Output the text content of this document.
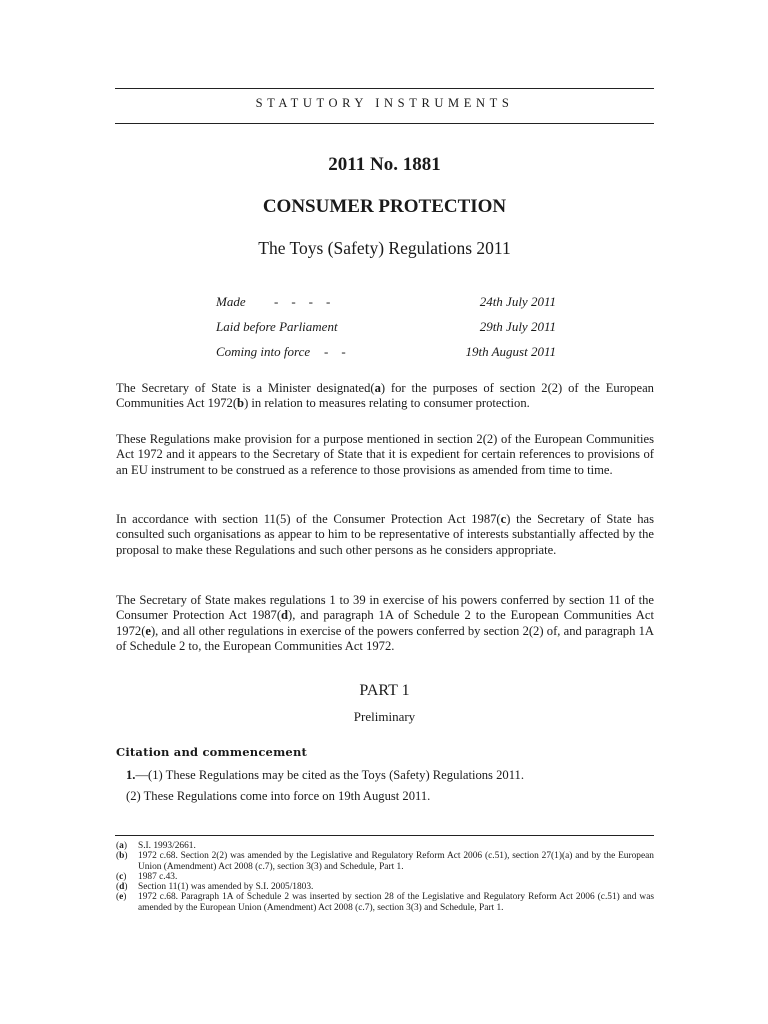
STATUTORY INSTRUMENTS
2011 No. 1881
CONSUMER PROTECTION
The Toys (Safety) Regulations 2011
Made -    -    -    -	24th July 2011
Laid before Parliament	29th July 2011
Coming into force -    -	19th August 2011

The Secretary of State is a Minister designated(a) for the purposes of section 2(2) of the European Communities Act 1972(b) in relation to measures relating to consumer protection.

These Regulations make provision for a purpose mentioned in section 2(2) of the European Communities Act 1972 and it appears to the Secretary of State that it is expedient for certain references to provisions of an EU instrument to be construed as a reference to those provisions as amended from time to time.

In accordance with section 11(5) of the Consumer Protection Act 1987(c) the Secretary of State has consulted such organisations as appear to him to be representative of interests substantially affected by the proposal to make these Regulations and such other persons as he considers appropriate.

The Secretary of State makes regulations 1 to 39 in exercise of his powers conferred by section 11 of the Consumer Protection Act 1987(d), and paragraph 1A of Schedule 2 to the European Communities Act 1972(e), and all other regulations in exercise of the powers conferred by section 2(2) of, and paragraph 1A of Schedule 2 to, the European Communities Act 1972.

PART 1
Preliminary
Citation and commencement
1.—(1) These Regulations may be cited as the Toys (Safety) Regulations 2011.
(2) These Regulations come into force on 19th August 2011.
(a) S.I. 1993/2661.
(b) 1972 c.68. Section 2(2) was amended by the Legislative and Regulatory Reform Act 2006 (c.51), section 27(1)(a) and by the European Union (Amendment) Act 2008 (c.7), section 3(3) and Schedule, Part 1.
(c) 1987 c.43.
(d) Section 11(1) was amended by S.I. 2005/1803.
(e) 1972 c.68. Paragraph 1A of Schedule 2 was inserted by section 28 of the Legislative and Regulatory Reform Act 2006 (c.51) and was amended by the European Union (Amendment) Act 2008 (c.7), section 3(3) and Schedule, Part 1.
